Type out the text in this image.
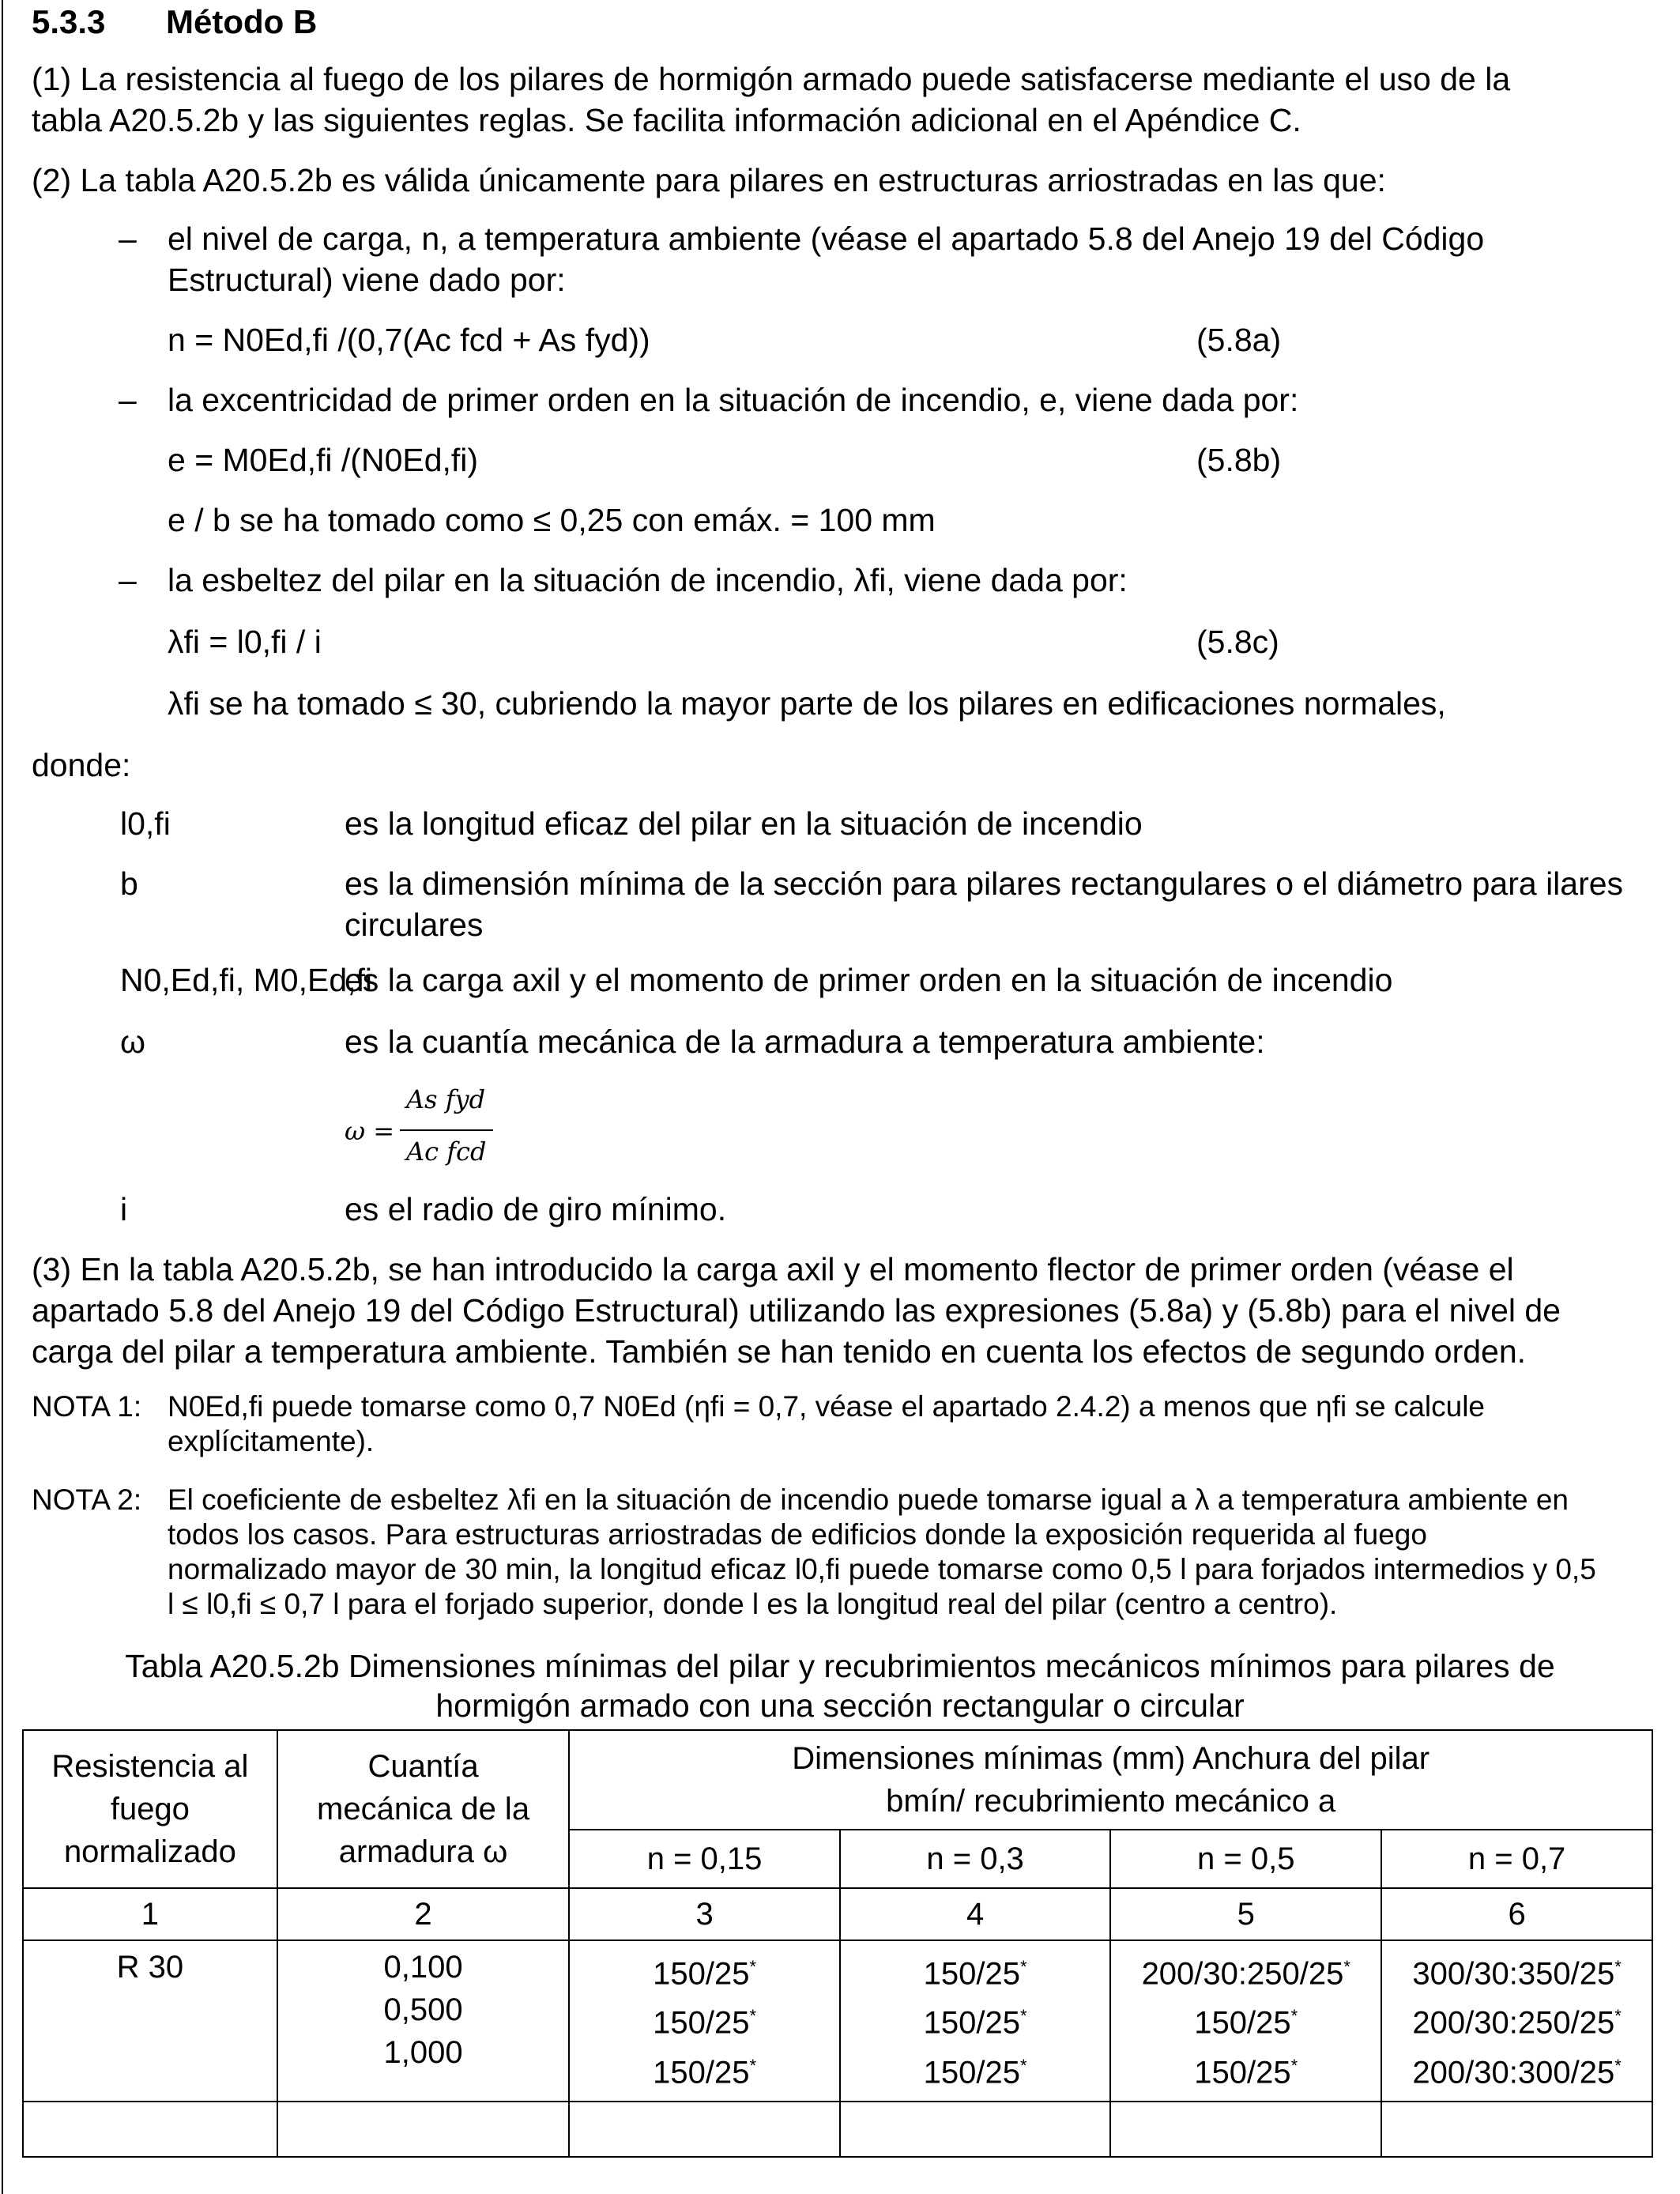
5.3.3 Método B
(1) La resistencia al fuego de los pilares de hormigón armado puede satisfacerse mediante el uso de la
tabla A20.5.2b y las siguientes reglas. Se facilita información adicional en el Apéndice C.
(2) La tabla A20.5.2b es válida únicamente para pilares en estructuras arriostradas en las que:
– el nivel de carga, n, a temperatura ambiente (véase el apartado 5.8 del Anejo 19 del Código
Estructural) viene dado por:
n = N0Ed,fi /(0,7(Ac fcd + As fyd))	(5.8a)
– la excentricidad de primer orden en la situación de incendio, e, viene dada por:
e = M0Ed,fi /(N0Ed,fi)	(5.8b)
e / b se ha tomado como ≤ 0,25 con emáx. = 100 mm
– la esbeltez del pilar en la situación de incendio, λfi, viene dada por:
λfi = l0,fi / i	(5.8c)
λfi se ha tomado ≤ 30, cubriendo la mayor parte de los pilares en edificaciones normales,
donde:
l0,fi	es la longitud eficaz del pilar en la situación de incendio
b	es la dimensión mínima de la sección para pilares rectangulares o el diámetro para ilares circulares
N0,Ed,fi, M0,Ed,fi
es la carga axil y el momento de primer orden en la situación de incendio
ω	es la cuantía mecánica de la armadura a temperatura ambiente:
ω =
As fyd
Ac fcd
i	es el radio de giro mínimo.
(3) En la tabla A20.5.2b, se han introducido la carga axil y el momento flector de primer orden (véase el
apartado 5.8 del Anejo 19 del Código Estructural) utilizando las expresiones (5.8a) y (5.8b) para el nivel de
carga del pilar a temperatura ambiente. También se han tenido en cuenta los efectos de segundo orden.
NOTA 1: N0Ed,fi puede tomarse como 0,7 N0Ed (ηfi = 0,7, véase el apartado 2.4.2) a menos que ηfi se calcule
explícitamente).
NOTA 2: El coeficiente de esbeltez λfi en la situación de incendio puede tomarse igual a λ a temperatura ambiente en
todos los casos. Para estructuras arriostradas de edificios donde la exposición requerida al fuego
normalizado mayor de 30 min, la longitud eficaz l0,fi puede tomarse como 0,5 l para forjados intermedios y 0,5
l ≤ l0,fi ≤ 0,7 l para el forjado superior, donde l es la longitud real del pilar (centro a centro).
Tabla A20.5.2b Dimensiones mínimas del pilar y recubrimientos mecánicos mínimos para pilares de
hormigón armado con una sección rectangular o circular
Resistencia al
fuego
normalizado	Cuantía
mecánica de la
armadura ω	Dimensiones mínimas (mm) Anchura del pilar
bmín/ recubrimiento mecánico a			

		n = 0,15	n = 0,3	n = 0,5	n = 0,7
1	2	3	4	5	6

R 30	0,100
0,500
1,000	150/25*
150/25*
150/25*	150/25*
150/25*
150/25*	200/30:250/25*
150/25*
150/25*	300/30:350/25*
200/30:250/25*
200/30:300/25*
